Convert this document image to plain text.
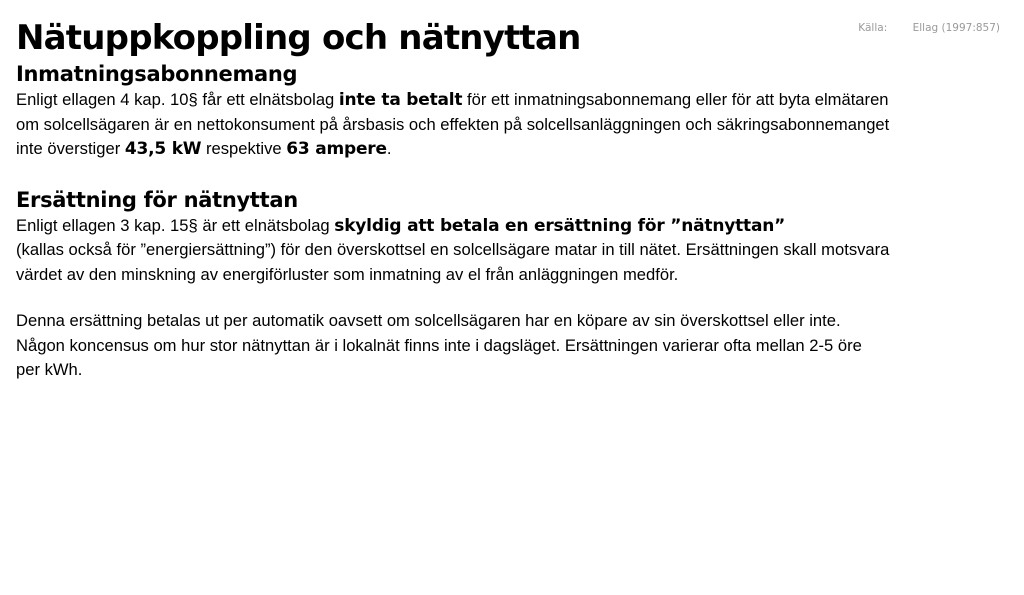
Källa: Ellag (1997:857)
Nätuppkoppling och nätnyttan
Inmatningsabonnemang

Enligt ellagen 4 kap. 10§ får ett elnätsbolag inte ta betalt för ett inmatningsabonnemang eller för att byta elmätaren

om solcellsägaren är en nettokonsument på årsbasis och effekten på solcellsanläggningen och säkringsabonnemanget

inte överstiger 43,5 kW respektive 63 ampere.

Ersättning för nätnyttan

Enligt ellagen 3 kap. 15§ är ett elnätsbolag skyldig att betala en ersättning för ”nätnyttan”

(kallas också för ”energiersättning”) för den överskottsel en solcellsägare matar in till nätet. Ersättningen skall motsvara

värdet av den minskning av energiförluster som inmatning av el från anläggningen medför.

Denna ersättning betalas ut per automatik oavsett om solcellsägaren har en köpare av sin överskottsel eller inte.

Någon koncensus om hur stor nätnyttan är i lokalnät finns inte i dagsläget. Ersättningen varierar ofta mellan 2-5 öre

per kWh.
